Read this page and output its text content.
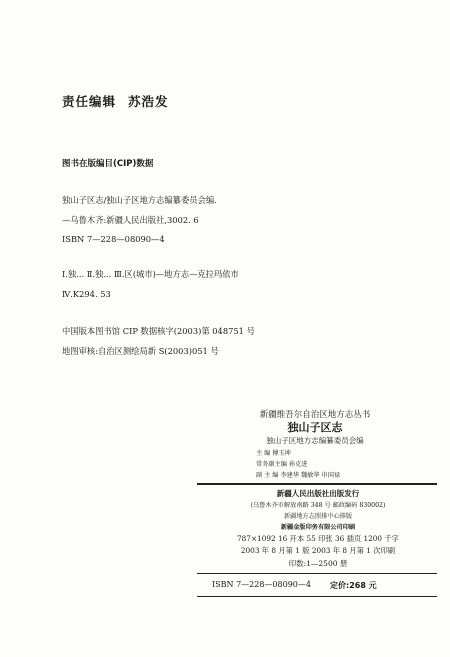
责任编辑 苏浩发
图书在版编目(CIP)数据
独山子区志/独山子区地方志编纂委员会编.
—乌鲁木齐:新疆人民出版社,3002. 6
ISBN 7—228—08090—4
Ⅰ.独... Ⅱ.独... Ⅲ.区(城市)—地方志—克拉玛依市
Ⅳ.K294. 53
中国版本图书馆 CIP 数据核字(2003)第 048751 号
地图审核:自治区测绘局新 S(2003)051 号
新疆维吾尔自治区地方志丛书
独山子区志
独山子区地方志编纂委员会编
主 编 傅玉坤
常务副主编 孙克进
副 主 编 李建华 魏敏华 申国禄
新疆人民出版社出版发行
(乌鲁木齐市解放南路 348 号 邮政编码 830002)
新疆地方志照排中心排版
新疆金版印务有限公司印刷
787×1092 16 开本 55 印张 36 插页 1200 千字
2003 年 8 月第 1 版 2003 年 8 月第 1 次印刷
印数:1—2500 册
ISBN 7—228—08090—4 定价:268 元
